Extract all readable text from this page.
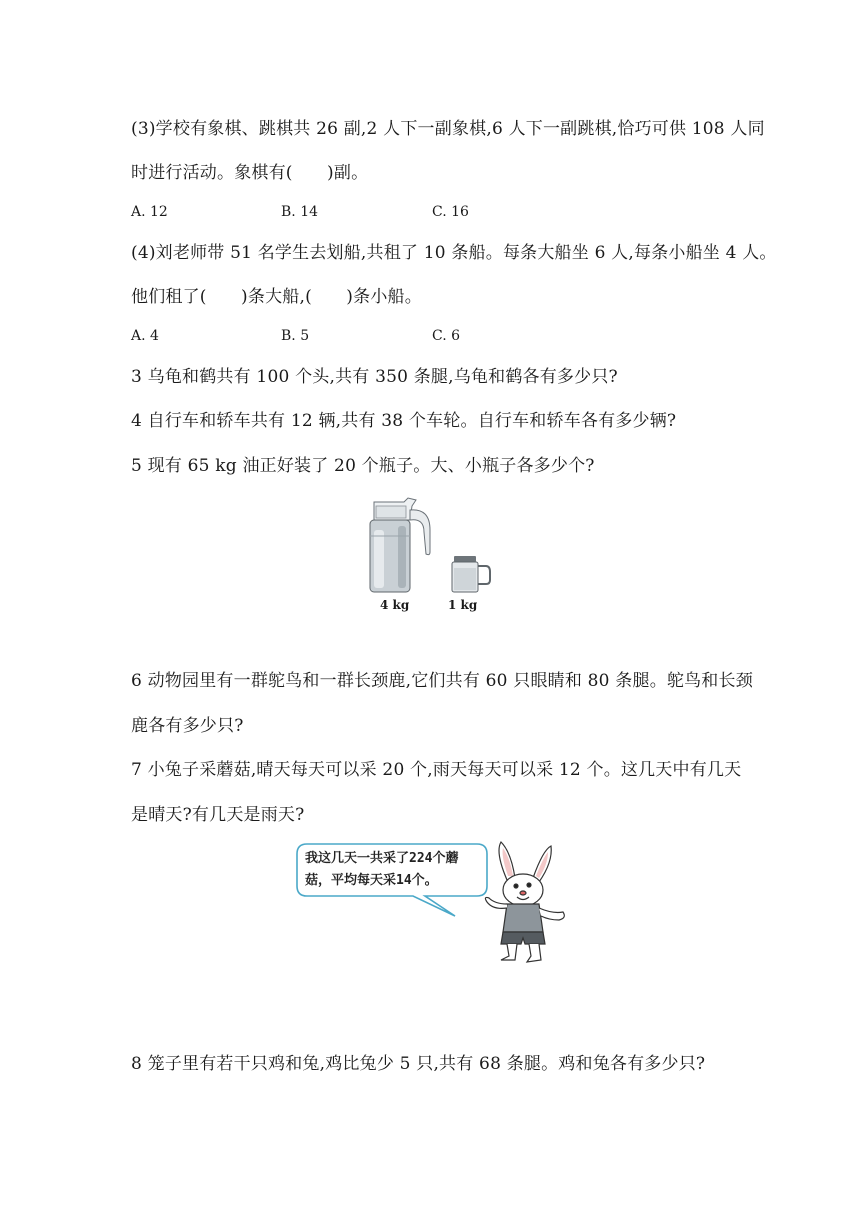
(3)学校有象棋、跳棋共 26 副,2 人下一副象棋,6 人下一副跳棋,恰巧可供 108 人同
时进行活动。象棋有(　　)副。
A. 12	B. 14	C. 16
(4)刘老师带 51 名学生去划船,共租了 10 条船。每条大船坐 6 人,每条小船坐 4 人。
他们租了(　　)条大船,(　　)条小船。
A. 4	B. 5	C. 6
3 乌龟和鹤共有 100 个头,共有 350 条腿,乌龟和鹤各有多少只?
4 自行车和轿车共有 12 辆,共有 38 个车轮。自行车和轿车各有多少辆?
5 现有 65 kg 油正好装了 20 个瓶子。大、小瓶子各多少个?
4 kg	1 kg
6 动物园里有一群鸵鸟和一群长颈鹿,它们共有 60 只眼睛和 80 条腿。鸵鸟和长颈
鹿各有多少只?
7 小兔子采蘑菇,晴天每天可以采 20 个,雨天每天可以采 12 个。这几天中有几天
是晴天?有几天是雨天?
我这几天一共采了224个蘑
菇，平均每天采14个。
8 笼子里有若干只鸡和兔,鸡比兔少 5 只,共有 68 条腿。鸡和兔各有多少只?
